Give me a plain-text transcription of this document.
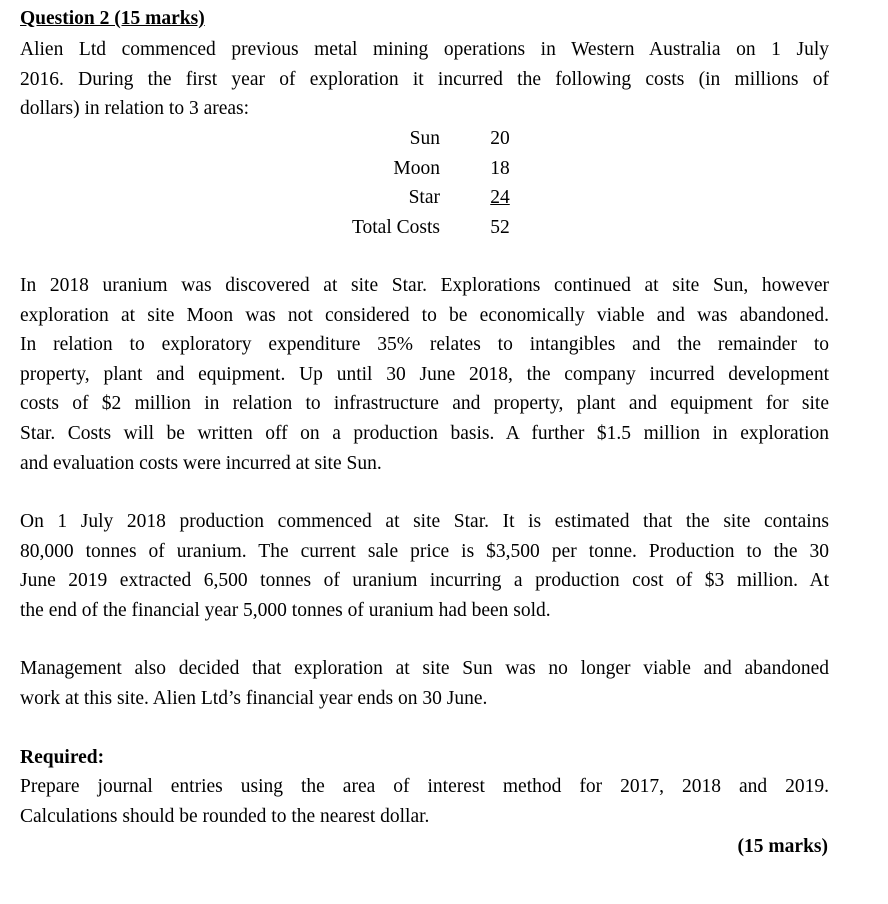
Question 2 (15 marks)
Alien Ltd commenced previous metal mining operations in Western Australia on 1 July
2016. During the first year of exploration it incurred the following costs (in millions of
dollars) in relation to 3 areas:
Sun	20
Moon	18
Star	24
Total Costs	52
In 2018 uranium was discovered at site Star. Explorations continued at site Sun, however
exploration at site Moon was not considered to be economically viable and was abandoned.
In relation to exploratory expenditure 35% relates to intangibles and the remainder to
property, plant and equipment. Up until 30 June 2018, the company incurred development
costs of $2 million in relation to infrastructure and property, plant and equipment for site
Star. Costs will be written off on a production basis. A further $1.5 million in exploration
and evaluation costs were incurred at site Sun.
On 1 July 2018 production commenced at site Star. It is estimated that the site contains
80,000 tonnes of uranium. The current sale price is $3,500 per tonne. Production to the 30
June 2019 extracted 6,500 tonnes of uranium incurring a production cost of $3 million. At
the end of the financial year 5,000 tonnes of uranium had been sold.
Management also decided that exploration at site Sun was no longer viable and abandoned
work at this site. Alien Ltd’s financial year ends on 30 June.
Required:
Prepare journal entries using the area of interest method for 2017, 2018 and 2019.
Calculations should be rounded to the nearest dollar.
(15 marks)
